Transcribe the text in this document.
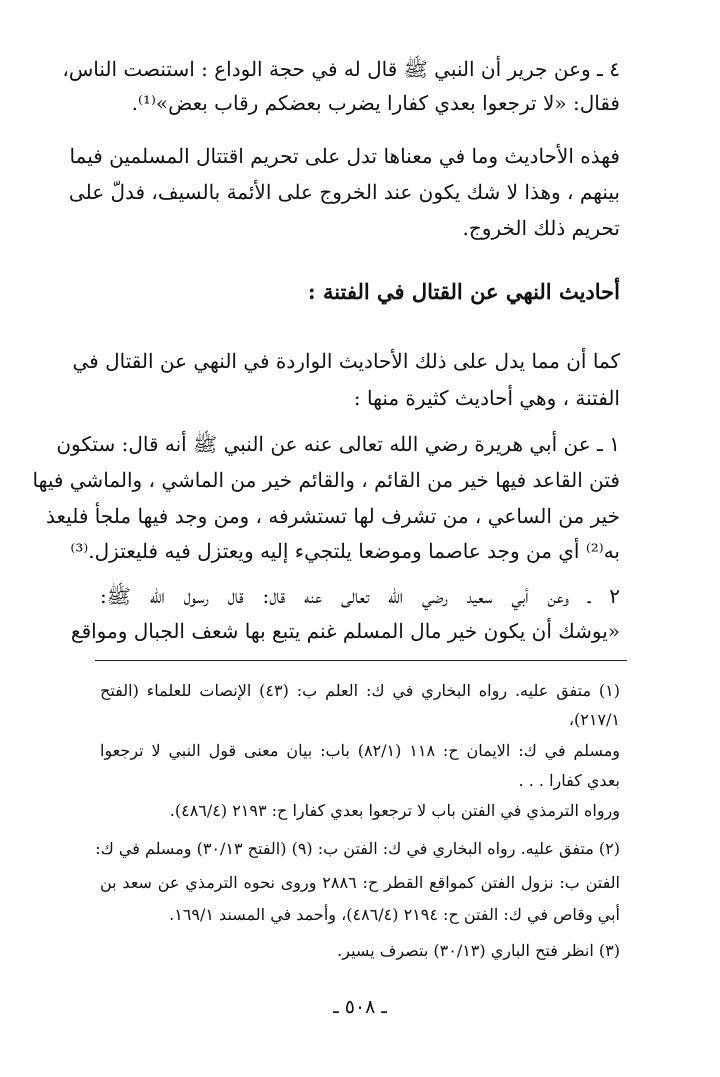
٤ ـ وعن جرير أن النبي ﷺ قال له في حجة الوداع : استنصت الناس،
فقال: «لا ترجعوا بعدي كفارا يضرب بعضكم رقاب بعض»⁽¹⁾.
فهذه الأحاديث وما في معناها تدل على تحريم اقتتال المسلمين فيما
بينهم ، وهذا لا شك يكون عند الخروج على الأئمة بالسيف، فدلّ على
تحريم ذلك الخروج.
أحاديث النهي عن القتال في الفتنة :
كما أن مما يدل على ذلك الأحاديث الواردة في النهي عن القتال في
الفتنة ، وهي أحاديث كثيرة منها :
١ ـ عن أبي هريرة رضي الله تعالى عنه عن النبي ﷺ أنه قال: ستكون
فتن القاعد فيها خير من القائم ، والقائم خير من الماشي ، والماشي فيها
خير من الساعي ، من تشرف لها تستشرفه ، ومن وجد فيها ملجأ فليعذ
به⁽²⁾ أي من وجد عاصما وموضعا يلتجيء إليه ويعتزل فيه فليعتزل.⁽³⁾
٢ ـ وعن أبي سعيد رضي الله تعالى عنه قال: قال رسول الله ﷺ:
«يوشك أن يكون خير مال المسلم غنم يتبع بها شعف الجبال ومواقع
(١) متفق عليه. رواه البخاري في ك: العلم ب: (٤٣) الإنصات للعلماء (الفتح
٢١٧/١)،
ومسلم في ك: الايمان ح: ١١٨ (٨٢/١) باب: بيان معنى قول النبي لا ترجعوا
بعدي كفارا . . .
ورواه الترمذي في الفتن باب لا ترجعوا بعدي كفارا ح: ٢١٩٣ (٤٨٦/٤).
(٢) متفق عليه. رواه البخاري في ك: الفتن ب: (٩) (الفتح ٣٠/١٣) ومسلم في ك:
الفتن ب: نزول الفتن كمواقع القطر ح: ٢٨٨٦ وروى نحوه الترمذي عن سعد بن
أبي وقاص في ك: الفتن ح: ٢١٩٤ (٤٨٦/٤)، وأحمد في المسند ١٦٩/١.
(٣) انظر فتح الباري (٣٠/١٣) بتصرف يسير.
ـ ٥٠٨ ـ
